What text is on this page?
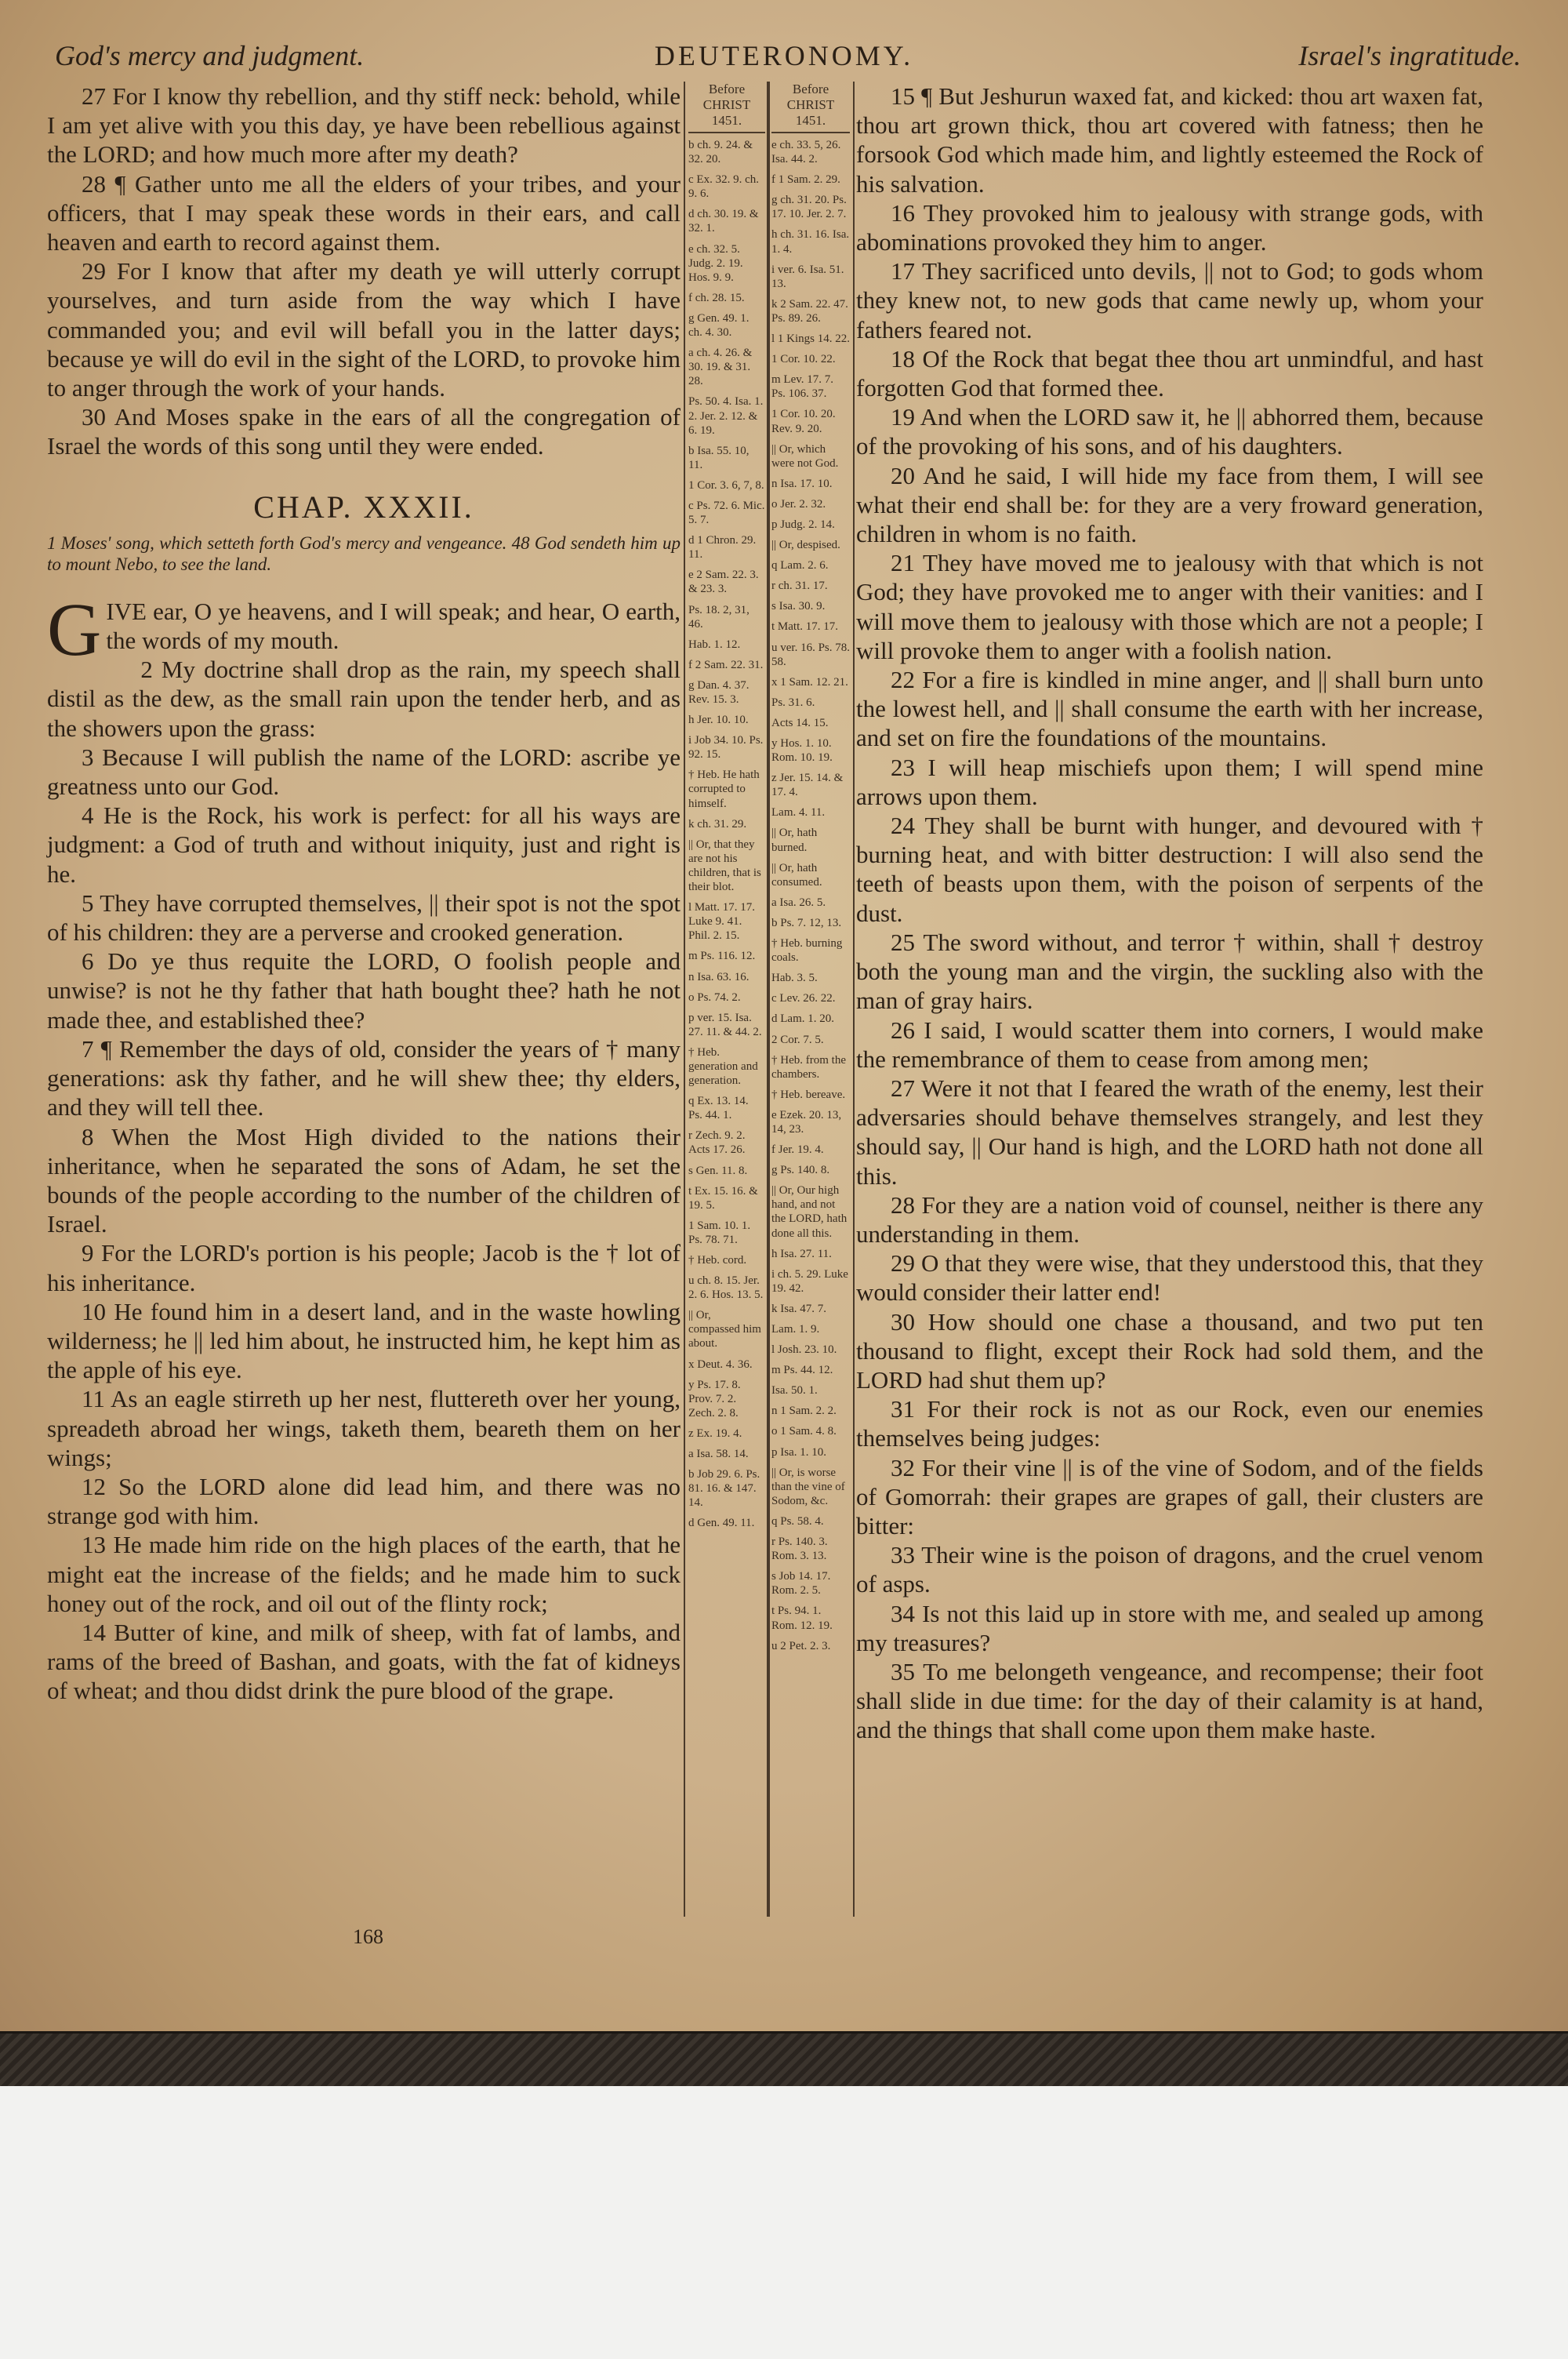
God's mercy and judgment.	DEUTERONOMY.	Israel's ingratitude.

27 For I know thy rebellion, and thy stiff neck: behold, while I am yet alive with you this day, ye have been rebellious against the LORD; and how much more after my death?

28 ¶ Gather unto me all the elders of your tribes, and your officers, that I may speak these words in their ears, and call heaven and earth to record against them.

29 For I know that after my death ye will utterly corrupt yourselves, and turn aside from the way which I have commanded you; and evil will befall you in the latter days; because ye will do evil in the sight of the LORD, to provoke him to anger through the work of your hands.

30 And Moses spake in the ears of all the congregation of Israel the words of this song until they were ended.

CHAP. XXXII.
1 Moses' song, which setteth forth God's mercy and vengeance. 48 God sendeth him up to mount Nebo, to see the land.

GIVE ear, O ye heavens, and I will speak; and hear, O earth, the words of my mouth.

2 My doctrine shall drop as the rain, my speech shall distil as the dew, as the small rain upon the tender herb, and as the showers upon the grass:

3 Because I will publish the name of the LORD: ascribe ye greatness unto our God.

4 He is the Rock, his work is perfect: for all his ways are judgment: a God of truth and without iniquity, just and right is he.

5 They have corrupted themselves, || their spot is not the spot of his children: they are a perverse and crooked generation.

6 Do ye thus requite the LORD, O foolish people and unwise? is not he thy father that hath bought thee? hath he not made thee, and established thee?

7 ¶ Remember the days of old, consider the years of † many generations: ask thy father, and he will shew thee; thy elders, and they will tell thee.

8 When the Most High divided to the nations their inheritance, when he separated the sons of Adam, he set the bounds of the people according to the number of the children of Israel.

9 For the LORD's portion is his people; Jacob is the † lot of his inheritance.

10 He found him in a desert land, and in the waste howling wilderness; he || led him about, he instructed him, he kept him as the apple of his eye.

11 As an eagle stirreth up her nest, fluttereth over her young, spreadeth abroad her wings, taketh them, beareth them on her wings;

12 So the LORD alone did lead him, and there was no strange god with him.

13 He made him ride on the high places of the earth, that he might eat the increase of the fields; and he made him to suck honey out of the rock, and oil out of the flinty rock;

14 Butter of kine, and milk of sheep, with fat of lambs, and rams of the breed of Bashan, and goats, with the fat of kidneys of wheat; and thou didst drink the pure blood of the grape.

Before CHRIST 1451.
b ch. 9. 24. & 32. 20.
c Ex. 32. 9. ch. 9. 6.
d ch. 30. 19. & 32. 1.
e ch. 32. 5. Judg. 2. 19. Hos. 9. 9.
f ch. 28. 15.
g Gen. 49. 1. ch. 4. 30.
a ch. 4. 26. & 30. 19. & 31. 28.
Ps. 50. 4. Isa. 1. 2. Jer. 2. 12. & 6. 19.
b Isa. 55. 10, 11.
1 Cor. 3. 6, 7, 8.
c Ps. 72. 6. Mic. 5. 7.
d 1 Chron. 29. 11.
e 2 Sam. 22. 3. & 23. 3.
Ps. 18. 2, 31, 46.
Hab. 1. 12.
f 2 Sam. 22. 31.
g Dan. 4. 37. Rev. 15. 3.
h Jer. 10. 10.
i Job 34. 10. Ps. 92. 15.
† Heb. He hath corrupted to himself.
k ch. 31. 29.
|| Or, that they are not his children, that is their blot.
l Matt. 17. 17. Luke 9. 41. Phil. 2. 15.
m Ps. 116. 12.
n Isa. 63. 16.
o Ps. 74. 2.
p ver. 15. Isa. 27. 11. & 44. 2.
† Heb. generation and generation.
q Ex. 13. 14. Ps. 44. 1.
r Zech. 9. 2. Acts 17. 26.
s Gen. 11. 8.
t Ex. 15. 16. & 19. 5.
1 Sam. 10. 1. Ps. 78. 71.
† Heb. cord.
u ch. 8. 15. Jer. 2. 6. Hos. 13. 5.
|| Or, compassed him about.
x Deut. 4. 36.
y Ps. 17. 8. Prov. 7. 2. Zech. 2. 8.
z Ex. 19. 4.
a Isa. 58. 14.
b Job 29. 6. Ps. 81. 16. & 147. 14.
d Gen. 49. 11.
Before CHRIST 1451.
e ch. 33. 5, 26. Isa. 44. 2.
f 1 Sam. 2. 29.
g ch. 31. 20. Ps. 17. 10. Jer. 2. 7.
h ch. 31. 16. Isa. 1. 4.
i ver. 6. Isa. 51. 13.
k 2 Sam. 22. 47. Ps. 89. 26.
l 1 Kings 14. 22.
1 Cor. 10. 22.
m Lev. 17. 7. Ps. 106. 37.
1 Cor. 10. 20. Rev. 9. 20.
|| Or, which were not God.
n Isa. 17. 10.
o Jer. 2. 32.
p Judg. 2. 14.
|| Or, despised.
q Lam. 2. 6.
r ch. 31. 17.
s Isa. 30. 9.
t Matt. 17. 17.
u ver. 16. Ps. 78. 58.
x 1 Sam. 12. 21.
Ps. 31. 6.
Acts 14. 15.
y Hos. 1. 10. Rom. 10. 19.
z Jer. 15. 14. & 17. 4.
Lam. 4. 11.
|| Or, hath burned.
|| Or, hath consumed.
a Isa. 26. 5.
b Ps. 7. 12, 13.
† Heb. burning coals.
Hab. 3. 5.
c Lev. 26. 22.
d Lam. 1. 20.
2 Cor. 7. 5.
† Heb. from the chambers.
† Heb. bereave.
e Ezek. 20. 13, 14, 23.
f Jer. 19. 4.
g Ps. 140. 8.
|| Or, Our high hand, and not the LORD, hath done all this.
h Isa. 27. 11.
i ch. 5. 29. Luke 19. 42.
k Isa. 47. 7.
Lam. 1. 9.
l Josh. 23. 10.
m Ps. 44. 12.
Isa. 50. 1.
n 1 Sam. 2. 2.
o 1 Sam. 4. 8.
p Isa. 1. 10.
|| Or, is worse than the vine of Sodom, &c.
q Ps. 58. 4.
r Ps. 140. 3. Rom. 3. 13.
s Job 14. 17. Rom. 2. 5.
t Ps. 94. 1. Rom. 12. 19.
u 2 Pet. 2. 3.

15 ¶ But Jeshurun waxed fat, and kicked: thou art waxen fat, thou art grown thick, thou art covered with fatness; then he forsook God which made him, and lightly esteemed the Rock of his salvation.

16 They provoked him to jealousy with strange gods, with abominations provoked they him to anger.

17 They sacrificed unto devils, || not to God; to gods whom they knew not, to new gods that came newly up, whom your fathers feared not.

18 Of the Rock that begat thee thou art unmindful, and hast forgotten God that formed thee.

19 And when the LORD saw it, he || abhorred them, because of the provoking of his sons, and of his daughters.

20 And he said, I will hide my face from them, I will see what their end shall be: for they are a very froward generation, children in whom is no faith.

21 They have moved me to jealousy with that which is not God; they have provoked me to anger with their vanities: and I will move them to jealousy with those which are not a people; I will provoke them to anger with a foolish nation.

22 For a fire is kindled in mine anger, and || shall burn unto the lowest hell, and || shall consume the earth with her increase, and set on fire the foundations of the mountains.

23 I will heap mischiefs upon them; I will spend mine arrows upon them.

24 They shall be burnt with hunger, and devoured with † burning heat, and with bitter destruction: I will also send the teeth of beasts upon them, with the poison of serpents of the dust.

25 The sword without, and terror † within, shall † destroy both the young man and the virgin, the suckling also with the man of gray hairs.

26 I said, I would scatter them into corners, I would make the remembrance of them to cease from among men;

27 Were it not that I feared the wrath of the enemy, lest their adversaries should behave themselves strangely, and lest they should say, || Our hand is high, and the LORD hath not done all this.

28 For they are a nation void of counsel, neither is there any understanding in them.

29 O that they were wise, that they understood this, that they would consider their latter end!

30 How should one chase a thousand, and two put ten thousand to flight, except their Rock had sold them, and the LORD had shut them up?

31 For their rock is not as our Rock, even our enemies themselves being judges:

32 For their vine || is of the vine of Sodom, and of the fields of Gomorrah: their grapes are grapes of gall, their clusters are bitter:

33 Their wine is the poison of dragons, and the cruel venom of asps.

34 Is not this laid up in store with me, and sealed up among my treasures?

35 To me belongeth vengeance, and recompense; their foot shall slide in due time: for the day of their calamity is at hand, and the things that shall come upon them make haste.

168
